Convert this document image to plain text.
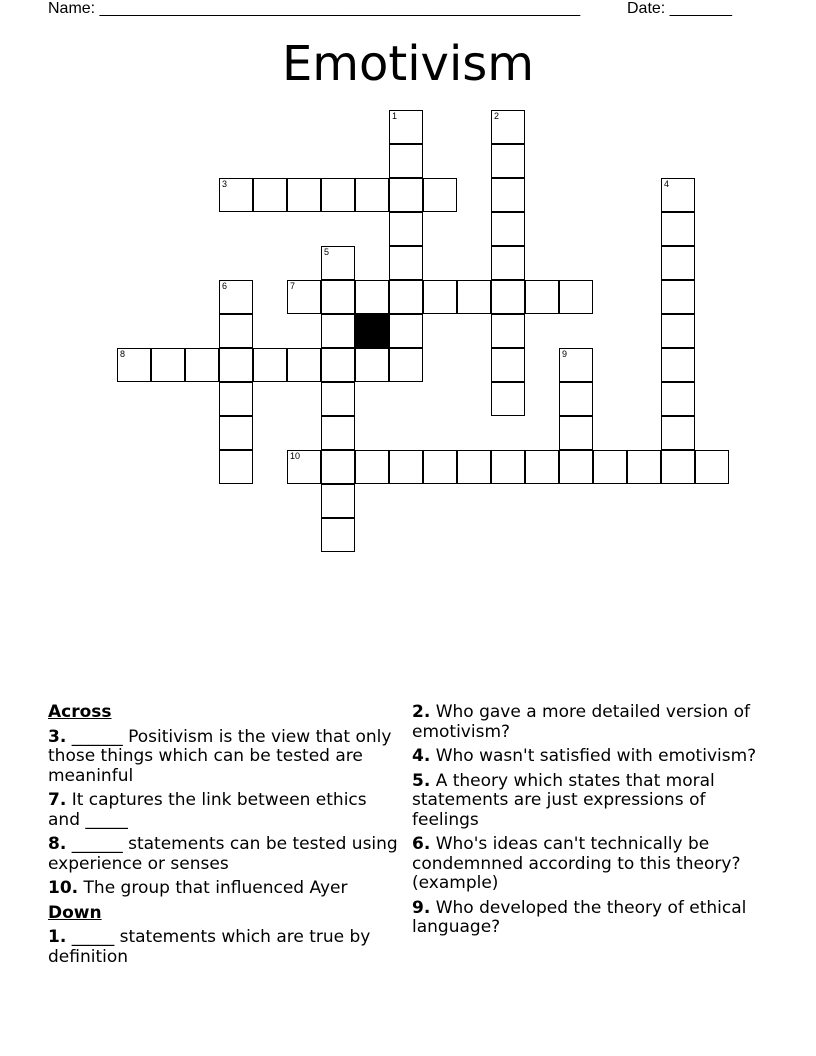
Name: ______________________________________________________	Date: _______
Emotivism
3
7
8
10
1	2
4
5
6
9
Across
3. ______ Positivism is the view that only those things which can be tested are meaninful
7. It captures the link between ethics and _____
8. ______ statements can be tested using experience or senses
10. The group that influenced Ayer
Down
1. _____ statements which are true by definition
2. Who gave a more detailed version of emotivism?
4. Who wasn't satisfied with emotivism?
5. A theory which states that moral statements are just expressions of feelings
6. Who's ideas can't technically be condemnned according to this theory? (example)
9. Who developed the theory of ethical language?
